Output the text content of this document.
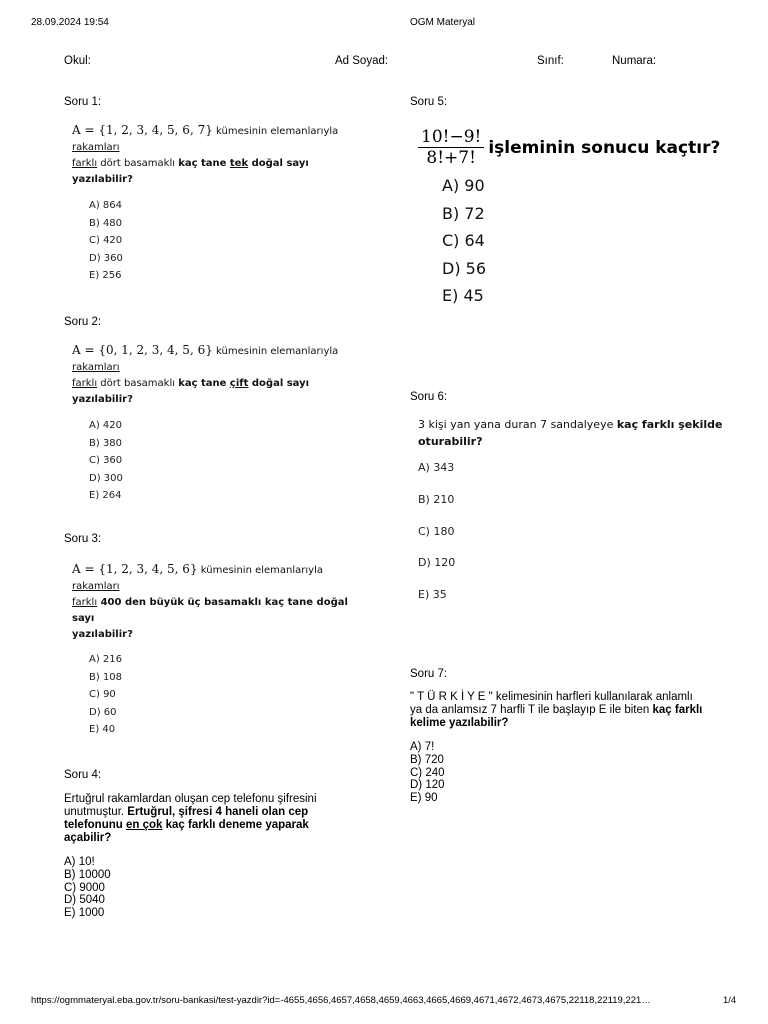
28.09.2024 19:54	OGM Materyal
Okul:	Ad Soyad:	Sınıf:	Numara:
Soru 1:
A = {1, 2, 3, 4, 5, 6, 7} kümesinin elemanlarıyla rakamları
farklı dört basamaklı kaç tane tek doğal sayı yazılabilir?
A) 864
B) 480
C) 420
D) 360
E) 256
Soru 2:
A = {0, 1, 2, 3, 4, 5, 6} kümesinin elemanlarıyla rakamları
farklı dört basamaklı kaç tane çift doğal sayı yazılabilir?
A) 420
B) 380
C) 360
D) 300
E) 264
Soru 3:
A = {1, 2, 3, 4, 5, 6} kümesinin elemanlarıyla rakamları
farklı 400 den büyük üç basamaklı kaç tane doğal sayı
yazılabilir?
A) 216
B) 108
C) 90
D) 60
E) 40
Soru 4:
Ertuğrul rakamlardan oluşan cep telefonu şifresini
unutmuştur. Ertuğrul, şifresi 4 haneli olan cep
telefonunu en çok kaç farklı deneme yaparak
açabilir?
A) 10!
B) 10000
C) 9000
D) 5040
E) 1000
Soru 5:
$\frac{10!-9!}{8!+7!}$ işleminin sonucu kaçtır?
A) 90
B) 72
C) 64
D) 56
E) 45
Soru 6:
3 kişi yan yana duran 7 sandalyeye kaç farklı şekilde
oturabilir?
A) 343
B) 210
C) 180
D) 120
E) 35
Soru 7:
" T Ü R K İ Y E " kelimesinin harfleri kullanılarak anlamlı
ya da anlamsız 7 harfli T ile başlayıp E ile biten kaç farklı
kelime yazılabilir?
A) 7!
B) 720
C) 240
D) 120
E) 90
https://ogmmateryal.eba.gov.tr/soru-bankasi/test-yazdir?id=-4655,4656,4657,4658,4659,4663,4665,4669,4671,4672,4673,4675,22118,22119,221…	1/4
